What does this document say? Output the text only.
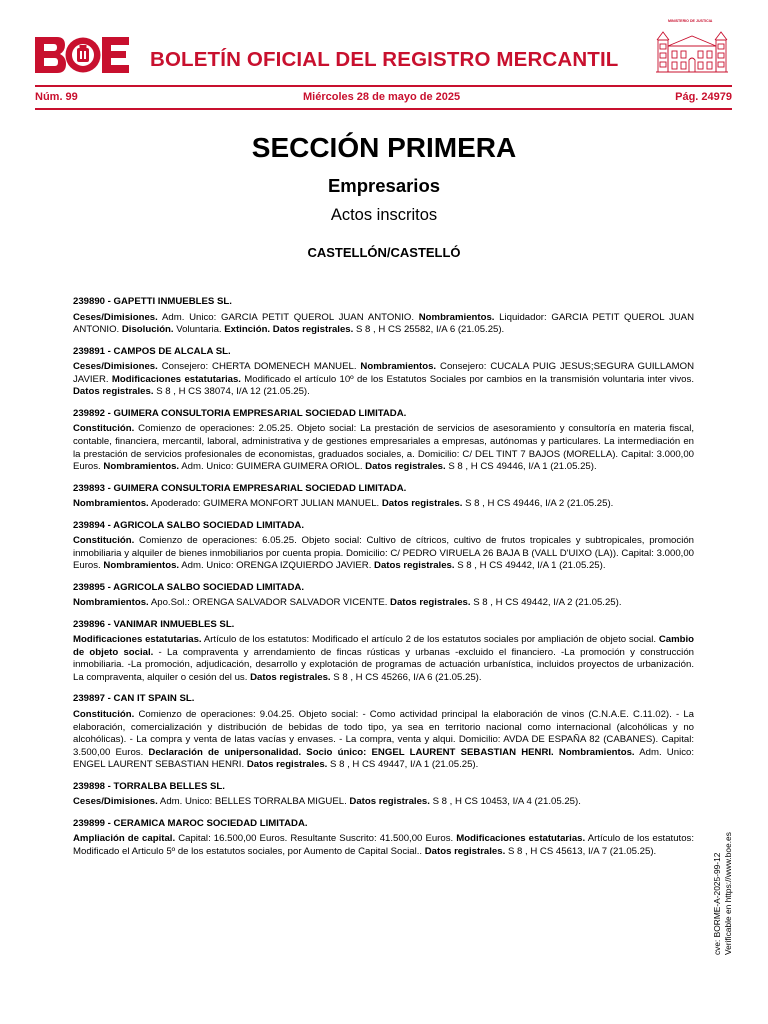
BOLETÍN OFICIAL DEL REGISTRO MERCANTIL
MINISTERIO DE JUSTICIA
Núm. 99	Miércoles 28 de mayo de 2025	Pág. 24979
SECCIÓN PRIMERA
Empresarios
Actos inscritos
CASTELLÓN/CASTELLÓ

239890 - GAPETTI INMUEBLES SL.

Ceses/Dimisiones. Adm. Unico: GARCIA PETIT QUEROL JUAN ANTONIO. Nombramientos. Liquidador: GARCIA PETIT QUEROL JUAN ANTONIO. Disolución. Voluntaria. Extinción. Datos registrales. S 8 , H CS 25582, I/A 6 (21.05.25).

239891 - CAMPOS DE ALCALA SL.

Ceses/Dimisiones. Consejero: CHERTA DOMENECH MANUEL. Nombramientos. Consejero: CUCALA PUIG JESUS;SEGURA GUILLAMON JAVIER. Modificaciones estatutarias. Modificado el artículo 10º de los Estatutos Sociales por cambios en la transmisión voluntaria inter vivos. Datos registrales. S 8 , H CS 38074, I/A 12 (21.05.25).

239892 - GUIMERA CONSULTORIA EMPRESARIAL SOCIEDAD LIMITADA.

Constitución. Comienzo de operaciones: 2.05.25. Objeto social: La prestación de servicios de asesoramiento y consultoría en materia fiscal, contable, financiera, mercantil, laboral, administrativa y de gestiones empresariales a empresas, autónomas y particulares. La intermediación en la prestación de servicios profesionales de economistas, graduados sociales, a. Domicilio: C/ DEL TINT 7 BAJOS (MORELLA). Capital: 3.000,00 Euros. Nombramientos. Adm. Unico: GUIMERA GUIMERA ORIOL. Datos registrales. S 8 , H CS 49446, I/A 1 (21.05.25).

239893 - GUIMERA CONSULTORIA EMPRESARIAL SOCIEDAD LIMITADA.

Nombramientos. Apoderado: GUIMERA MONFORT JULIAN MANUEL. Datos registrales. S 8 , H CS 49446, I/A 2 (21.05.25).

239894 - AGRICOLA SALBO SOCIEDAD LIMITADA.

Constitución. Comienzo de operaciones: 6.05.25. Objeto social: Cultivo de cítricos, cultivo de frutos tropicales y subtropicales, promoción inmobiliaria y alquiler de bienes inmobiliarios por cuenta propia. Domicilio: C/ PEDRO VIRUELA 26 BAJA B (VALL D'UIXO (LA)). Capital: 3.000,00 Euros. Nombramientos. Adm. Unico: ORENGA IZQUIERDO JAVIER. Datos registrales. S 8 , H CS 49442, I/A 1 (21.05.25).

239895 - AGRICOLA SALBO SOCIEDAD LIMITADA.

Nombramientos. Apo.Sol.: ORENGA SALVADOR SALVADOR VICENTE. Datos registrales. S 8 , H CS 49442, I/A 2 (21.05.25).

239896 - VANIMAR INMUEBLES SL.

Modificaciones estatutarias. Artículo de los estatutos: Modificado el artículo 2 de los estatutos sociales por ampliación de objeto social. Cambio de objeto social. - La compraventa y arrendamiento de fincas rústicas y urbanas -excluido el financiero. -La promoción y construcción inmobiliaria. -La promoción, adjudicación, desarrollo y explotación de programas de actuación urbanística, incluidos proyectos de urbanización. La compraventa, alquiler o cesión del us. Datos registrales. S 8 , H CS 45266, I/A 6 (21.05.25).

239897 - CAN IT SPAIN SL.

Constitución. Comienzo de operaciones: 9.04.25. Objeto social: - Como actividad principal la elaboración de vinos (C.N.A.E. C.11.02). - La elaboración, comercialización y distribución de bebidas de todo tipo, ya sea en territorio nacional como internacional (alcohólicas y no alcohólicas). - La compra y venta de latas vacías y envases. - La compra, venta y alqui. Domicilio: AVDA DE ESPAÑA 82 (CABANES). Capital: 3.500,00 Euros. Declaración de unipersonalidad. Socio único: ENGEL LAURENT SEBASTIAN HENRI. Nombramientos. Adm. Unico: ENGEL LAURENT SEBASTIAN HENRI. Datos registrales. S 8 , H CS 49447, I/A 1 (21.05.25).

239898 - TORRALBA BELLES SL.

Ceses/Dimisiones. Adm. Unico: BELLES TORRALBA MIGUEL. Datos registrales. S 8 , H CS 10453, I/A 4 (21.05.25).

239899 - CERAMICA MAROC SOCIEDAD LIMITADA.

Ampliación de capital. Capital: 16.500,00 Euros. Resultante Suscrito: 41.500,00 Euros. Modificaciones estatutarias. Artículo de los estatutos: Modificado el Articulo 5º de los estatutos sociales, por Aumento de Capital Social.. Datos registrales. S 8 , H CS 45613, I/A 7 (21.05.25).

cve: BORME-A-2025-99-12 Verificable en https://www.boe.es
